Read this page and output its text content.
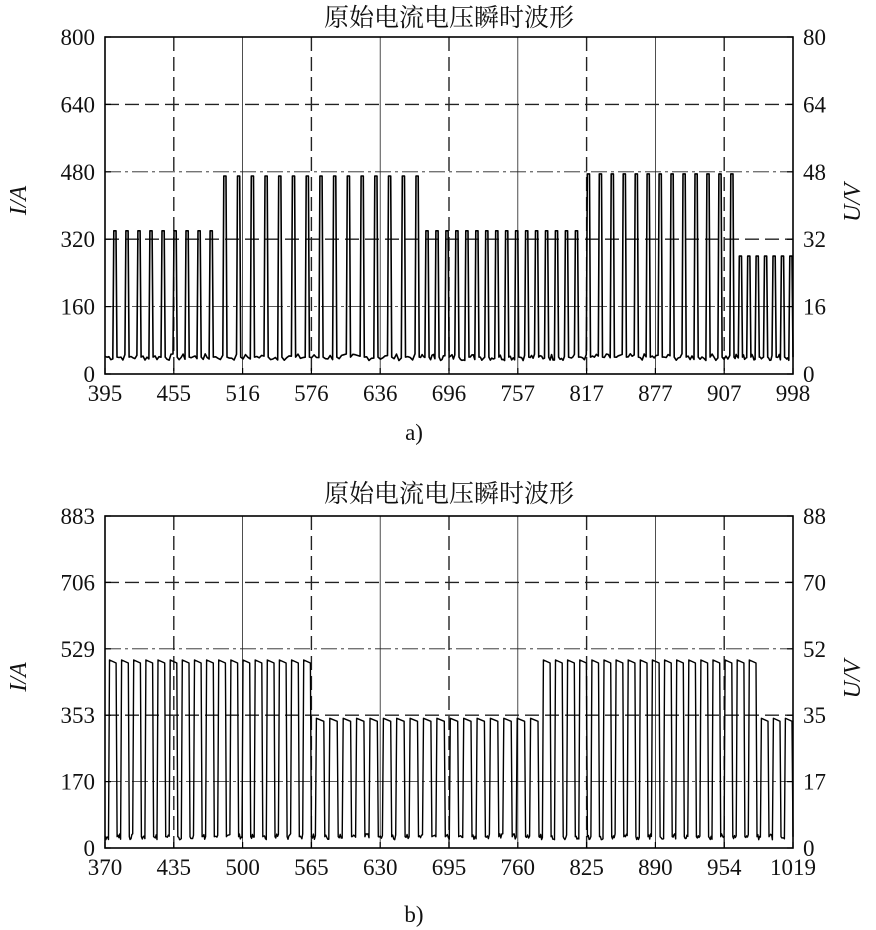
原始电流电压瞬时波形
395 455 516 576 636 696 757 817 877 907 998
0
160
320
480
640
800
0
16
32
48
64
80
I/A	U/V
a)
原始电流电压瞬时波形
370 435 500 565 630 695 760 825 890 954 1019
0
170
353
529
706
883
0
17
35
52
70
88
I/A	U/V
b)
